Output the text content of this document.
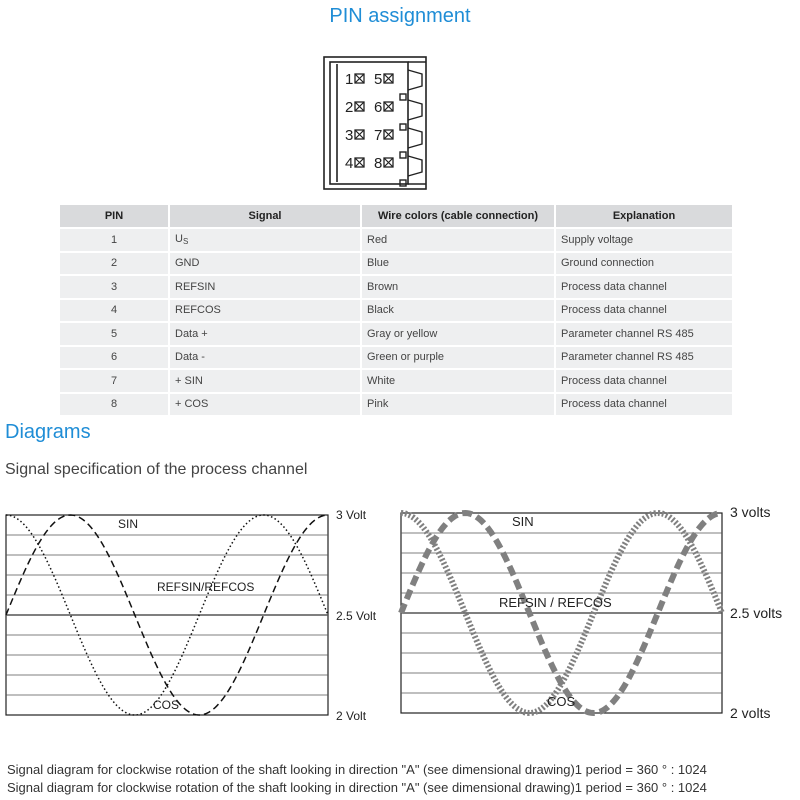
PIN assignment
1 5
2 6
3 7
4 8
PIN	Signal	Wire colors (cable connection)	Explanation
1	$U_S$	Red	Supply voltage
2	GND	Blue	Ground connection
3	REFSIN	Brown	Process data channel
4	REFCOS	Black	Process data channel
5	Data +	Gray or yellow	Parameter channel RS 485
6	Data -	Green or purple	Parameter channel RS 485
7	+ SIN	White	Process data channel
8	+ COS	Pink	Process data channel
Diagrams
Signal specification of the process channel
SIN
REFSIN/REFCOS
COS
3 Volt
2.5 Volt
2 Volt
SIN
REFSIN / REFCOS
COS
3 volts
2.5 volts
2 volts
Signal diagram for clockwise rotation of the shaft looking in direction "A" (see dimensional drawing)1 period = 360 ° : 1024
Signal diagram for clockwise rotation of the shaft looking in direction "A" (see dimensional drawing)1 period = 360 ° : 1024
